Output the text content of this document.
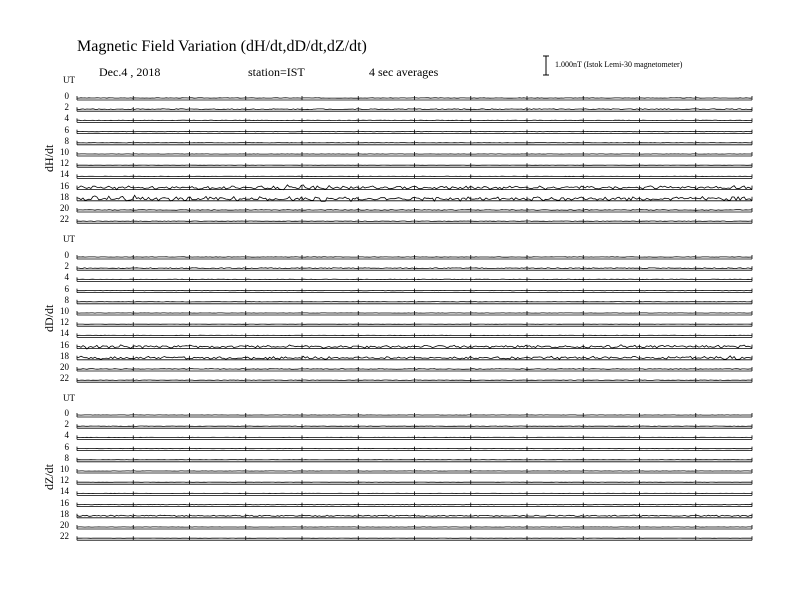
Magnetic Field Variation (dH/dt,dD/dt,dZ/dt)
Dec.4 , 2018	station=IST	4 sec averages
1.000nT (Istok Lemi-30 magnetometer)
UT
dH/dt
0
2
4
6
8
10
12
14
16
18
20
22
UT
dD/dt
0
2
4
6
8
10
12
14
16
18
20
22
UT
dZ/dt
0
2
4
6
8
10
12
14
16
18
20
22
